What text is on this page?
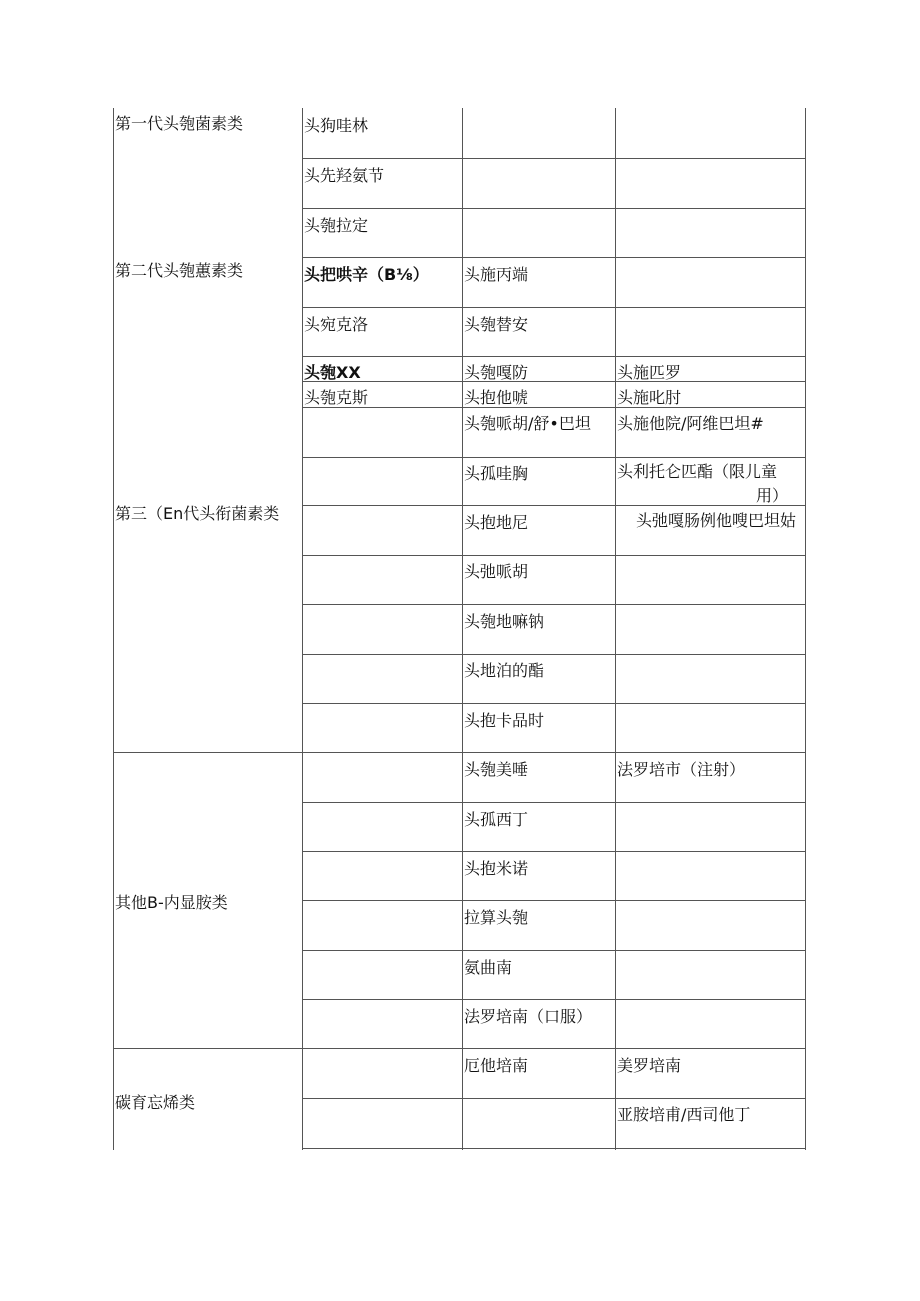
第一代头匏菌素类
第二代头匏蕙素类
第三（En代头衔菌素类
其他B-内显胺类
碳育忘烯类
头狗哇林
头先羟氨节
头匏拉定
头把哄辛（B⅛）
头宛克洛
头匏XX
头匏克斯
头施丙端
头匏替安
头匏嘎防
头抱他唬
头匏哌胡/舒•巴坦
头孤哇胸
头抱地尼
头弛哌胡
头匏地嘛钠
头地泊的酯
头抱卡品时
头施匹罗
头施叱肘
头施他院/阿维巴坦#
头利托仑匹酯（限儿童
用）
头弛嘎肠例他嗖巴坦姑
头匏美唾
头孤西丁
头抱米诺
拉算头匏
氨曲南
法罗培南（口服）
法罗培市（注射）
厄他培南	美罗培南
亚胺培甫/西司他丁
